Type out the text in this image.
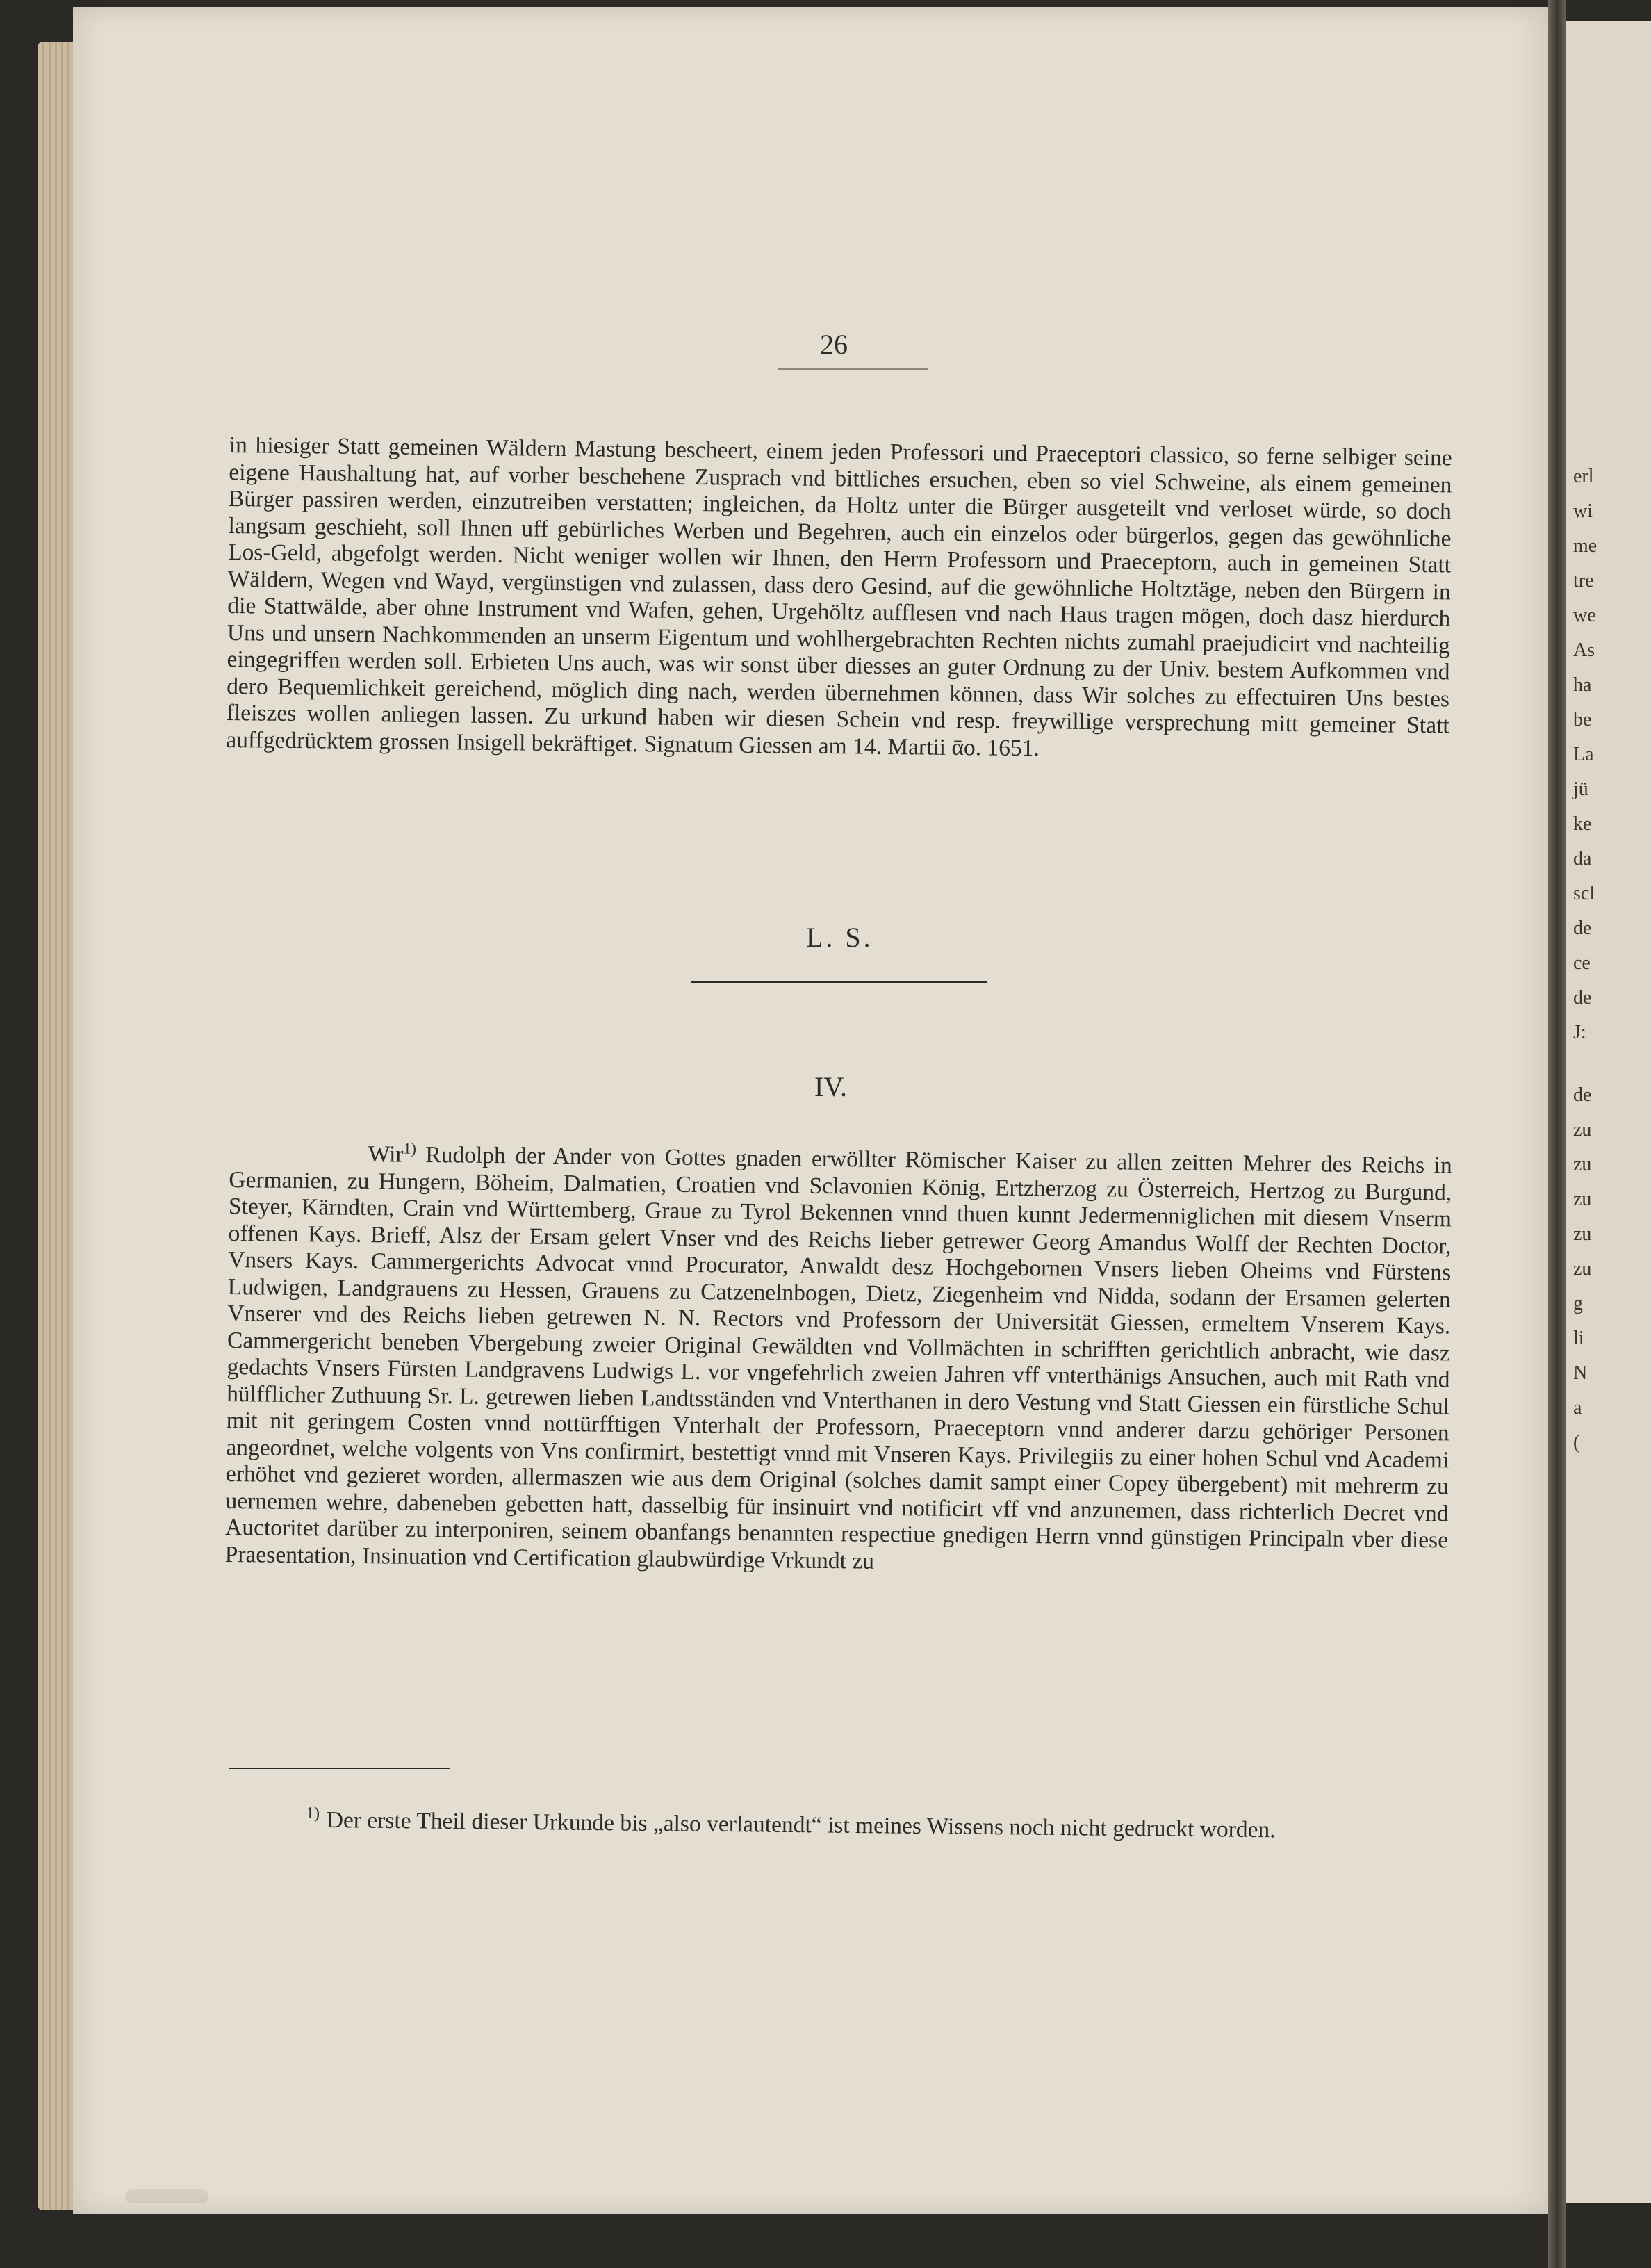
26
in hiesiger Statt gemeinen Wäldern Mastung bescheert, einem jeden Professori und Praeceptori classico, so ferne selbiger seine eigene Haushaltung hat, auf vorher beschehene Zusprach vnd bittliches ersuchen, eben so viel Schweine, als einem gemeinen Bürger passiren werden, einzutreiben verstatten; ingleichen, da Holtz unter die Bürger ausgeteilt vnd verloset würde, so doch langsam geschieht, soll Ihnen uff gebürliches Werben und Begehren, auch ein einzelos oder bürgerlos, gegen das gewöhnliche Los-Geld, abgefolgt werden. Nicht weniger wollen wir Ihnen, den Herrn Professorn und Praeceptorn, auch in gemeinen Statt Wäldern, Wegen vnd Wayd, vergünstigen vnd zulassen, dass dero Gesind, auf die gewöhnliche Holtztäge, neben den Bürgern in die Stattwälde, aber ohne Instrument vnd Wafen, gehen, Urgehöltz aufflesen vnd nach Haus tragen mögen, doch dasz hierdurch Uns und unsern Nachkommenden an unserm Eigentum und wohlhergebrachten Rechten nichts zumahl praejudicirt vnd nachteilig eingegriffen werden soll. Erbieten Uns auch, was wir sonst über diesses an guter Ordnung zu der Univ. bestem Aufkommen vnd dero Bequemlichkeit gereichend, möglich ding nach, werden übernehmen können, dass Wir solches zu effectuiren Uns bestes fleiszes wollen anliegen lassen. Zu urkund haben wir diesen Schein vnd resp. freywillige versprechung mitt gemeiner Statt auffgedrücktem grossen Insigell bekräftiget. Signatum Giessen am 14. Martii ᾱo. 1651.
L. S.
IV.
Wir$^{1)}$ Rudolph der Ander von Gottes gnaden erwöllter Römischer Kaiser zu allen zeitten Mehrer des Reichs in Germanien, zu Hungern, Böheim, Dalmatien, Croatien vnd Sclavonien König, Ertzherzog zu Österreich, Hertzog zu Burgund, Steyer, Kärndten, Crain vnd Württemberg, Graue zu Tyrol Bekennen vnnd thuen kunnt Jedermenniglichen mit diesem Vnserm offenen Kays. Brieff, Alsz der Ersam gelert Vnser vnd des Reichs lieber getrewer Georg Amandus Wolff der Rechten Doctor, Vnsers Kays. Cammergerichts Advocat vnnd Procurator, Anwaldt desz Hochgebornen Vnsers lieben Oheims vnd Fürstens Ludwigen, Landgrauens zu Hessen, Grauens zu Catzenelnbogen, Dietz, Ziegenheim vnd Nidda, sodann der Ersamen gelerten Vnserer vnd des Reichs lieben getrewen N. N. Rectors vnd Professorn der Universität Giessen, ermeltem Vnserem Kays. Cammergericht beneben Vbergebung zweier Original Gewäldten vnd Vollmächten in schrifften gerichtlich anbracht, wie dasz gedachts Vnsers Fürsten Landgravens Ludwigs L. vor vngefehrlich zweien Jahren vff vnterthänigs Ansuchen, auch mit Rath vnd hülfflicher Zuthuung Sr. L. getrewen lieben Landtsständen vnd Vnterthanen in dero Vestung vnd Statt Giessen ein fürstliche Schul mit nit geringem Costen vnnd nottürfftigen Vnterhalt der Professorn, Praeceptorn vnnd anderer darzu gehöriger Personen angeordnet, welche volgents von Vns confirmirt, bestettigt vnnd mit Vnseren Kays. Privilegiis zu einer hohen Schul vnd Academi erhöhet vnd gezieret worden, allermaszen wie aus dem Original (solches damit sampt einer Copey übergebent) mit mehrerm zu uernemen wehre, dabeneben gebetten hatt, dasselbig für insinuirt vnd notificirt vff vnd anzunemen, dass richterlich Decret vnd Auctoritet darüber zu interponiren, seinem obanfangs benannten respectiue gnedigen Herrn vnnd günstigen Principaln vber diese Praesentation, Insinuation vnd Certification glaubwürdige Vrkundt zu
1) Der erste Theil dieser Urkunde bis „also verlautendt“ ist meines Wissens noch nicht gedruckt worden.
erl
wi
me
tre
we
As
ha
be
La
jü
ke
da
scl
de
ce
de
J:
de
zu
zu
zu
zu
zu
g
li
N
a
(
